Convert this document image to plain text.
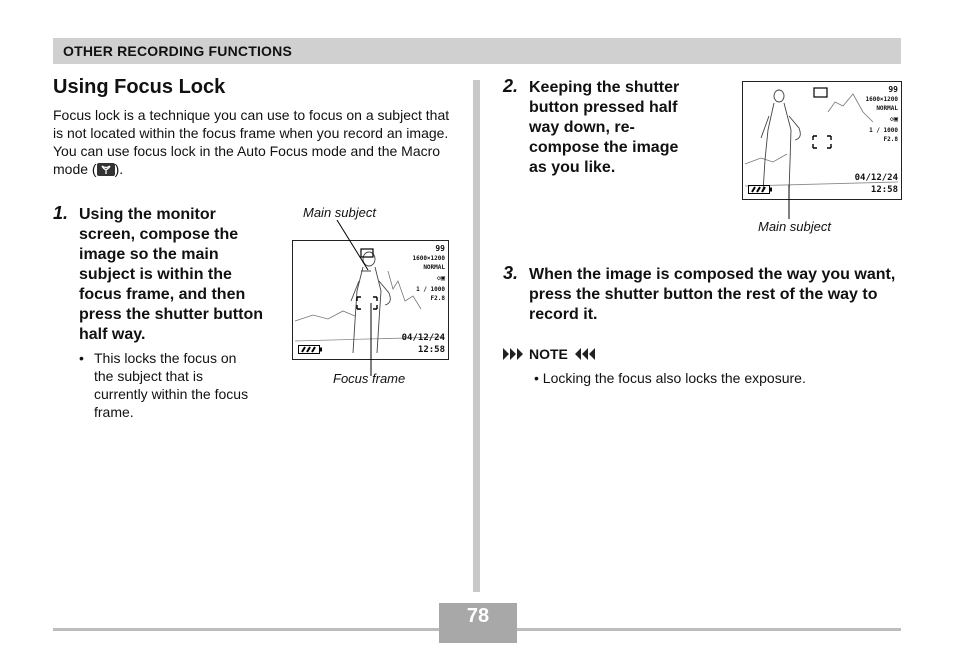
OTHER RECORDING FUNCTIONS
Using Focus Lock
Focus lock is a technique you can use to focus on a subject that is not located within the focus frame when you record an image. You can use focus lock in the Auto Focus mode and the Macro mode ( ).
1. Using the monitor screen, compose the image so the main subject is within the focus frame, and then press the shutter button half way.
• This locks the focus on the subject that is currently within the focus frame.
Main subject
99
1600×1200
NORMAL
◇▣
1 / 1000
F2.8
04/12/24
12:58
Focus frame
2. Keeping the shutter button pressed half way down, re-compose the image as you like.
99
1600×1200
NORMAL
◇▣
1 / 1000
F2.8
04/12/24
12:58
Main subject
3. When the image is composed the way you want, press the shutter button the rest of the way to record it.
NOTE
• Locking the focus also locks the exposure.
78
